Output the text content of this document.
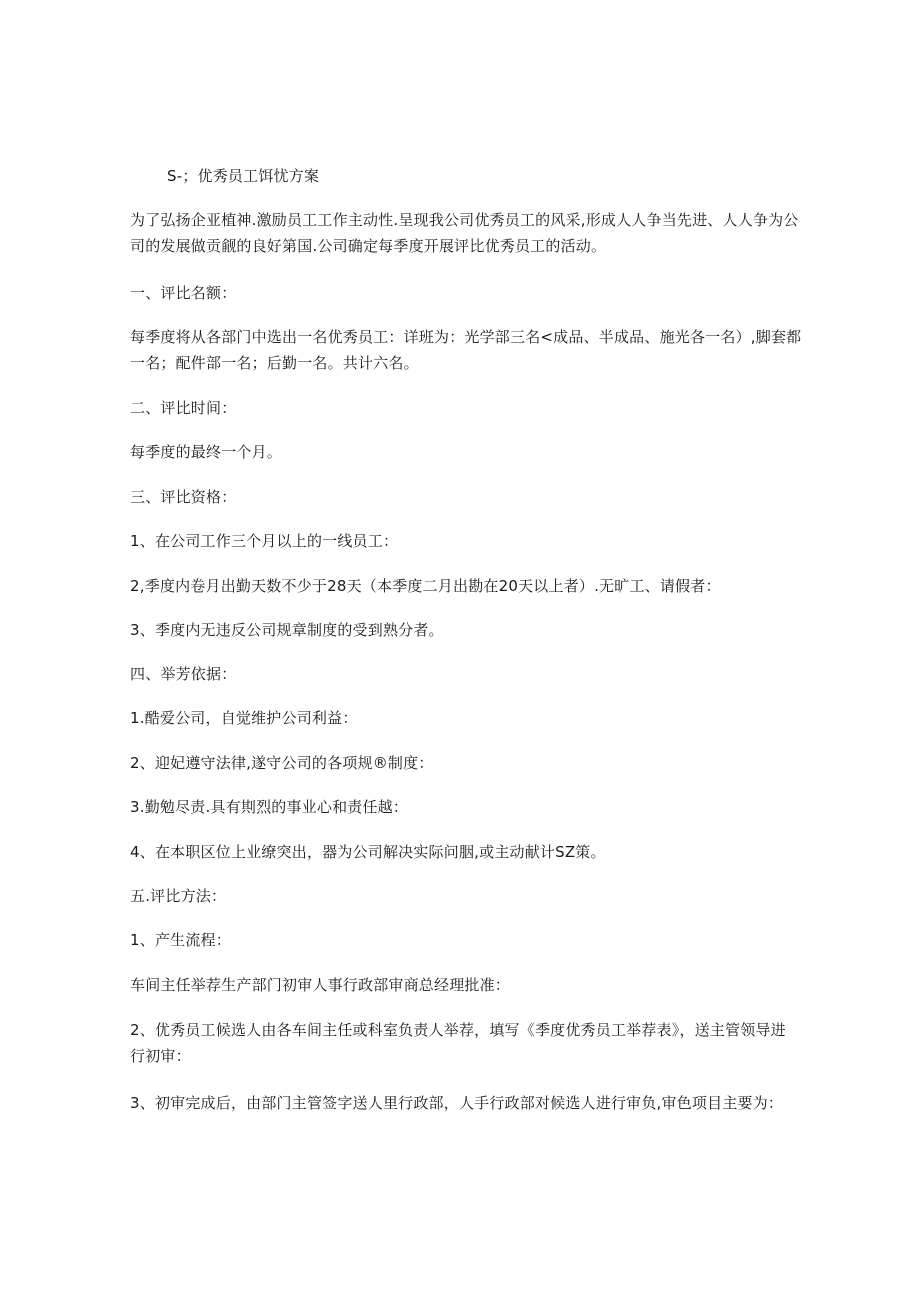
S-；优秀员工饵忧方案
为了弘扬企亚植神.激励员工工作主动性.呈现我公司优秀员工的风采,形成人人争当先进、人人争为公
司的发展做贡觎的良好第国.公司确定每季度开展评比优秀员工的活动。
一、评比名额：
每季度将从各部门中选出一名优秀员工：详班为：光学部三名<成品、半成品、施光各一名）,脚套都
一名；配件部一名；后勤一名。共计六名。
二、评比时间：
每季度的最终一个月。
三、评比资格：
1、在公司工作三个月以上的一线员工：
2,季度内卷月出勤天数不少于28天（本季度二月出勘在20天以上者）.无旷工、请假者：
3、季度内无违反公司规章制度的受到熟分者。
四、举芳依据：
1.酷爱公司，自觉维护公司利益：
2、迎妃遵守法律,遂守公司的各项规®制度：
3.勤勉尽责.具有剘烈的事业心和责任越：
4、在本职区位上业缭突出，器为公司解决实际问胭,或主动献计SZ策。
五.评比方法：
1、产生流程：
车间主任举荐生产部门初审人事行政部审商总经理批准：
2、优秀员工候选人由各车间主任或科室负责人举荐，填写《季度优秀员工举荐表》，送主管领导进
行初审：
3、初审完成后，由部门主管签字送人里行政部，人手行政部对候选人进行审负,审色项目主要为：
